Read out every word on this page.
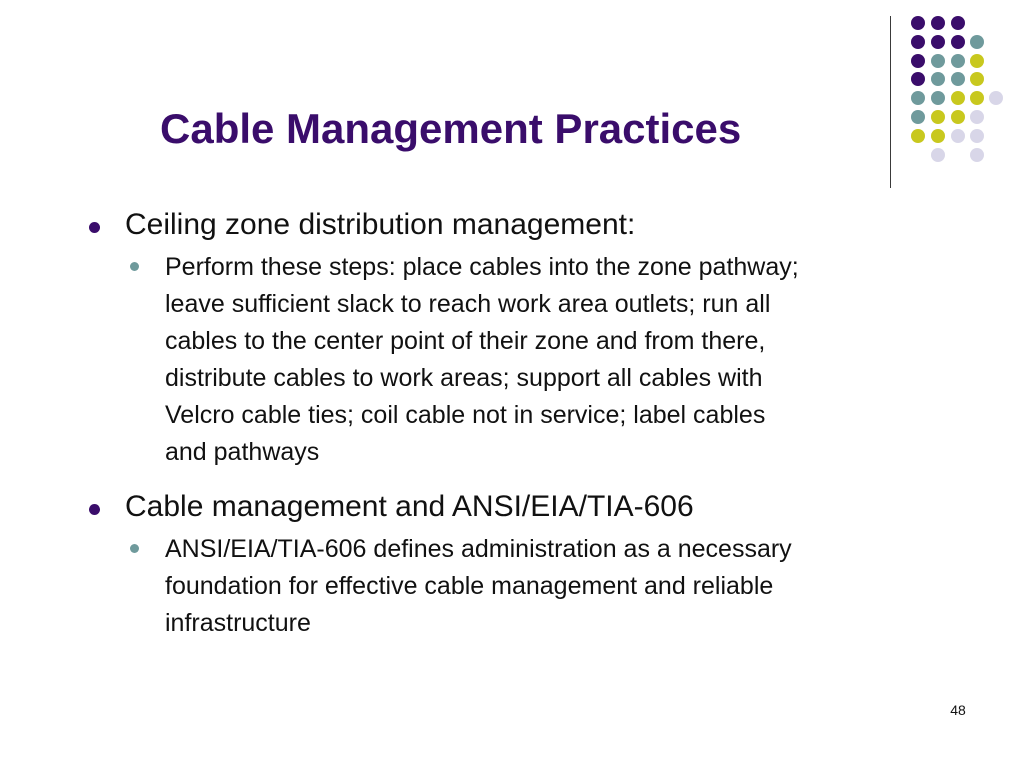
Cable Management Practices

Ceiling zone distribution management:

Perform these steps: place cables into the zone pathway;
leave sufficient slack to reach work area outlets; run all
cables to the center point of their zone and from there,
distribute cables to work areas; support all cables with
Velcro cable ties; coil cable not in service; label cables
and pathways

Cable management and ANSI/EIA/TIA-606

ANSI/EIA/TIA-606 defines administration as a necessary
foundation for effective cable management and reliable
infrastructure
48
